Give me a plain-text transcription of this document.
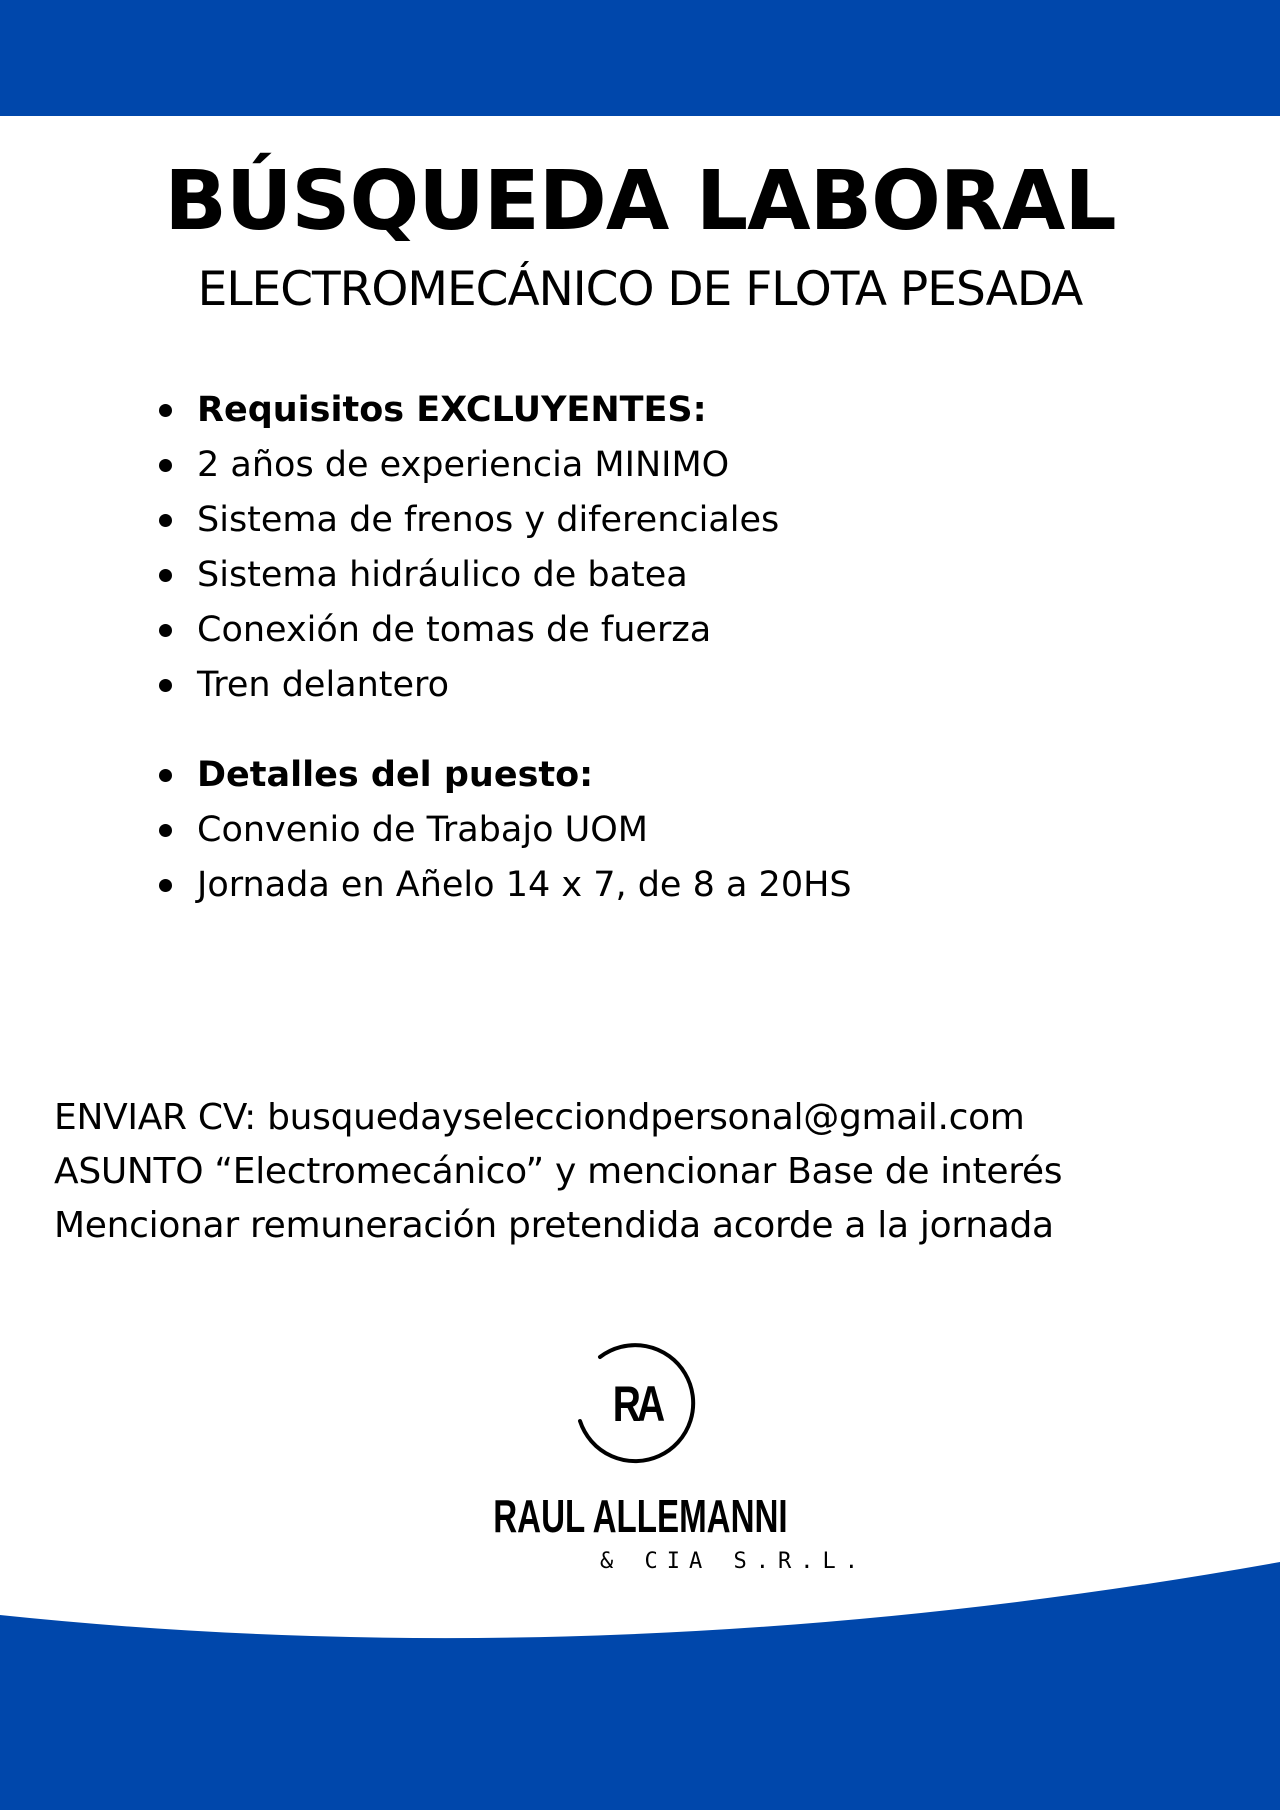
BÚSQUEDA LABORAL
ELECTROMECÁNICO DE FLOTA PESADA
Requisitos EXCLUYENTES:
2 años de experiencia MINIMO
Sistema de frenos y diferenciales
Sistema hidráulico de batea
Conexión de tomas de fuerza
Tren delantero
Detalles del puesto:
Convenio de Trabajo UOM
Jornada en Añelo 14 x 7, de 8 a 20HS
ENVIAR CV: busquedayselecciondpersonal@gmail.com
ASUNTO “Electromecánico” y mencionar Base de interés
Mencionar remuneración pretendida acorde a la jornada
RA
RAUL ALLEMANNI
& CIA S.R.L.
